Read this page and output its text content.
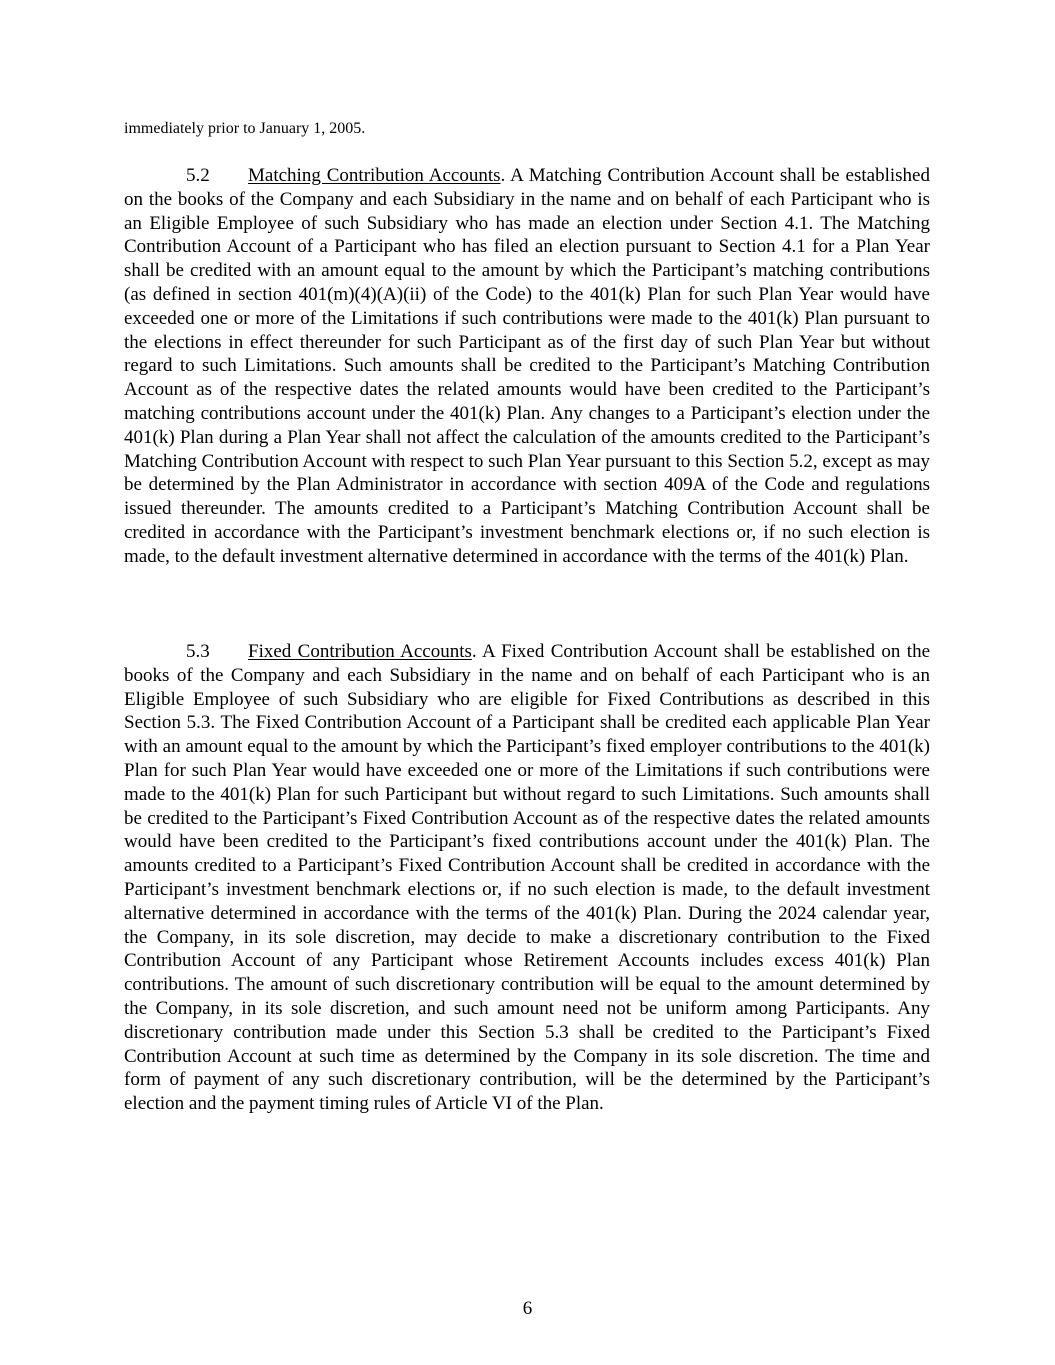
immediately prior to January 1, 2005.

5.2 Matching Contribution Accounts. A Matching Contribution Account shall be established on the books of the Company and each Subsidiary in the name and on behalf of each Participant who is an Eligible Employee of such Subsidiary who has made an election under Section 4.1. The Matching Contribution Account of a Participant who has filed an election pursuant to Section 4.1 for a Plan Year shall be credited with an amount equal to the amount by which the Participant’s matching contributions (as defined in section 401(m)(4)(A)(ii) of the Code) to the 401(k) Plan for such Plan Year would have exceeded one or more of the Limitations if such contributions were made to the 401(k) Plan pursuant to the elections in effect thereunder for such Participant as of the first day of such Plan Year but without regard to such Limitations. Such amounts shall be credited to the Participant’s Matching Contribution Account as of the respective dates the related amounts would have been credited to the Participant’s matching contributions account under the 401(k) Plan. Any changes to a Participant’s election under the 401(k) Plan during a Plan Year shall not affect the calculation of the amounts credited to the Participant’s Matching Contribution Account with respect to such Plan Year pursuant to this Section 5.2, except as may be determined by the Plan Administrator in accordance with section 409A of the Code and regulations issued thereunder. The amounts credited to a Participant’s Matching Contribution Account shall be credited in accordance with the Participant’s investment benchmark elections or, if no such election is made, to the default investment alternative determined in accordance with the terms of the 401(k) Plan.

5.3 Fixed Contribution Accounts. A Fixed Contribution Account shall be established on the books of the Company and each Subsidiary in the name and on behalf of each Participant who is an Eligible Employee of such Subsidiary who are eligible for Fixed Contributions as described in this Section 5.3. The Fixed Contribution Account of a Participant shall be credited each applicable Plan Year with an amount equal to the amount by which the Participant’s fixed employer contributions to the 401(k) Plan for such Plan Year would have exceeded one or more of the Limitations if such contributions were made to the 401(k) Plan for such Participant but without regard to such Limitations. Such amounts shall be credited to the Participant’s Fixed Contribution Account as of the respective dates the related amounts would have been credited to the Participant’s fixed contributions account under the 401(k) Plan. The amounts credited to a Participant’s Fixed Contribution Account shall be credited in accordance with the Participant’s investment benchmark elections or, if no such election is made, to the default investment alternative determined in accordance with the terms of the 401(k) Plan. During the 2024 calendar year, the Company, in its sole discretion, may decide to make a discretionary contribution to the Fixed Contribution Account of any Participant whose Retirement Accounts includes excess 401(k) Plan contributions. The amount of such discretionary contribution will be equal to the amount determined by the Company, in its sole discretion, and such amount need not be uniform among Participants. Any discretionary contribution made under this Section 5.3 shall be credited to the Participant’s Fixed Contribution Account at such time as determined by the Company in its sole discretion. The time and form of payment of any such discretionary contribution, will be the determined by the Participant’s election and the payment timing rules of Article VI of the Plan.

6
